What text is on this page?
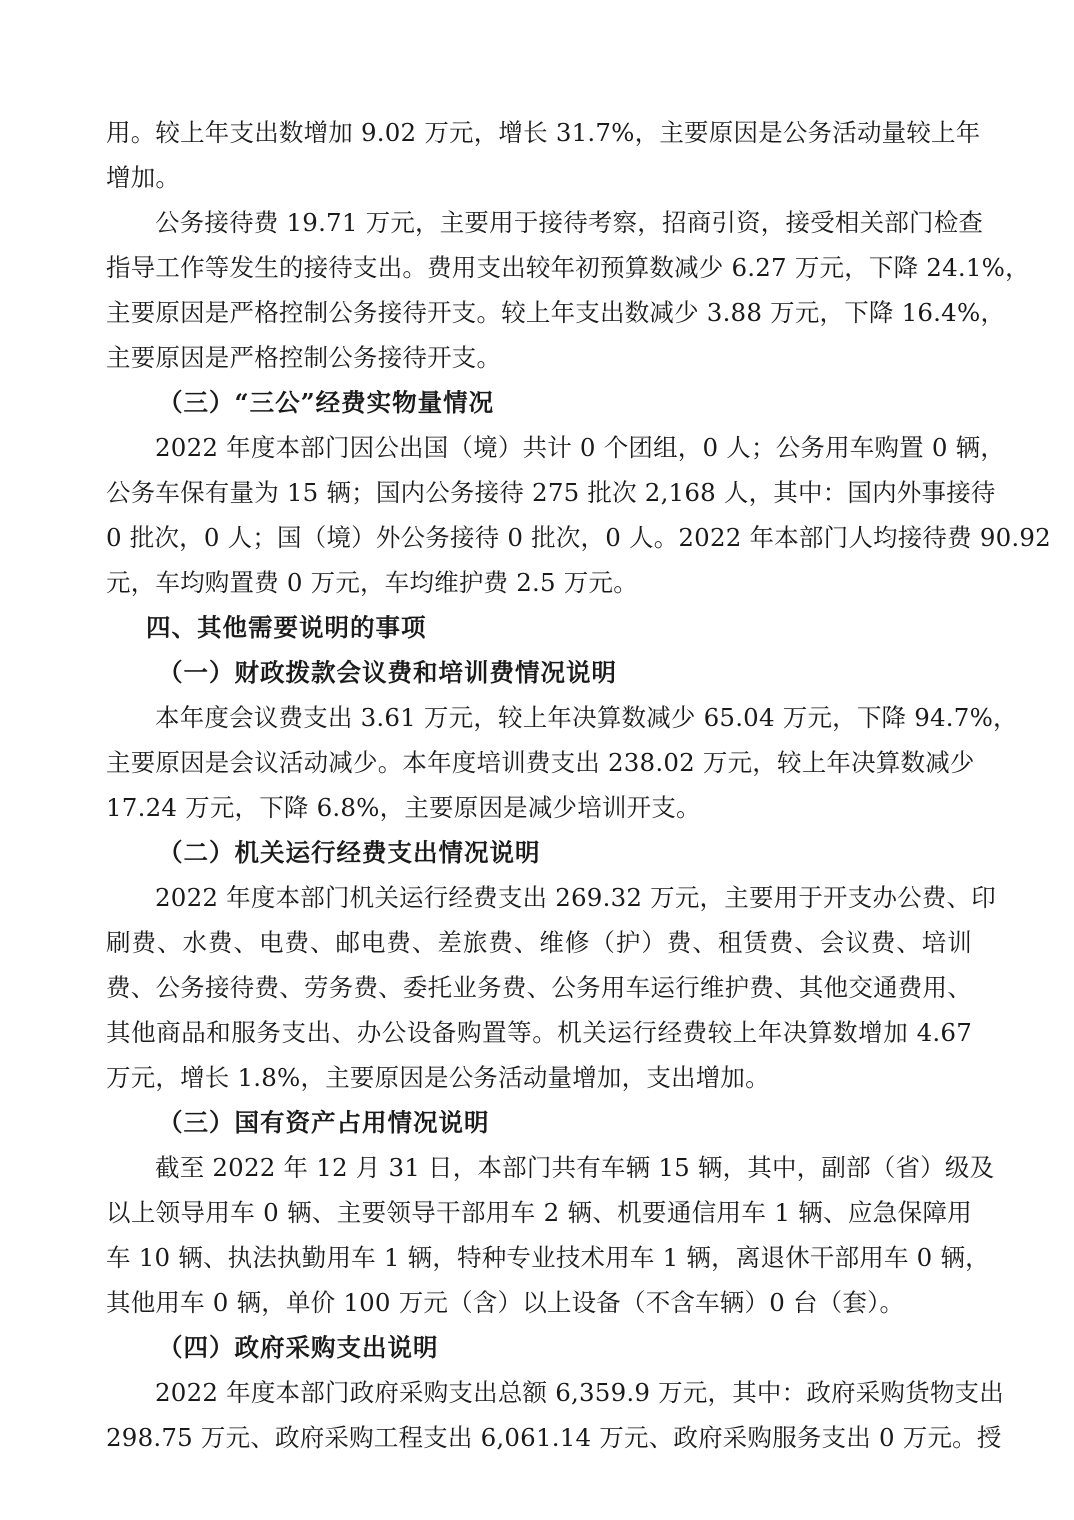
用。较上年支出数增加 9.02 万元，增长 31.7%，主要原因是公务活动量较上年
增加。
公务接待费 19.71 万元，主要用于接待考察，招商引资，接受相关部门检查
指导工作等发生的接待支出。费用支出较年初预算数减少 6.27 万元，下降 24.1%，
主要原因是严格控制公务接待开支。较上年支出数减少 3.88 万元，下降 16.4%，
主要原因是严格控制公务接待开支。
（三）“三公”经费实物量情况
2022 年度本部门因公出国（境）共计 0 个团组，0 人；公务用车购置 0 辆，
公务车保有量为 15 辆；国内公务接待 275 批次 2,168 人，其中：国内外事接待
0 批次，0 人；国（境）外公务接待 0 批次，0 人。2022 年本部门人均接待费 90.92
元，车均购置费 0 万元，车均维护费 2.5 万元。
四、其他需要说明的事项
（一）财政拨款会议费和培训费情况说明
本年度会议费支出 3.61 万元，较上年决算数减少 65.04 万元，下降 94.7%，
主要原因是会议活动减少。本年度培训费支出 238.02 万元，较上年决算数减少
17.24 万元，下降 6.8%，主要原因是减少培训开支。
（二）机关运行经费支出情况说明
2022 年度本部门机关运行经费支出 269.32 万元，主要用于开支办公费、印
刷费、水费、电费、邮电费、差旅费、维修（护）费、租赁费、会议费、培训
费、公务接待费、劳务费、委托业务费、公务用车运行维护费、其他交通费用、
其他商品和服务支出、办公设备购置等。机关运行经费较上年决算数增加 4.67
万元，增长 1.8%，主要原因是公务活动量增加，支出增加。
（三）国有资产占用情况说明
截至 2022 年 12 月 31 日，本部门共有车辆 15 辆，其中，副部（省）级及
以上领导用车 0 辆、主要领导干部用车 2 辆、机要通信用车 1 辆、应急保障用
车 10 辆、执法执勤用车 1 辆，特种专业技术用车 1 辆，离退休干部用车 0 辆，
其他用车 0 辆，单价 100 万元（含）以上设备（不含车辆）0 台（套）。
（四）政府采购支出说明
2022 年度本部门政府采购支出总额 6,359.9 万元，其中：政府采购货物支出
298.75 万元、政府采购工程支出 6,061.14 万元、政府采购服务支出 0 万元。授
